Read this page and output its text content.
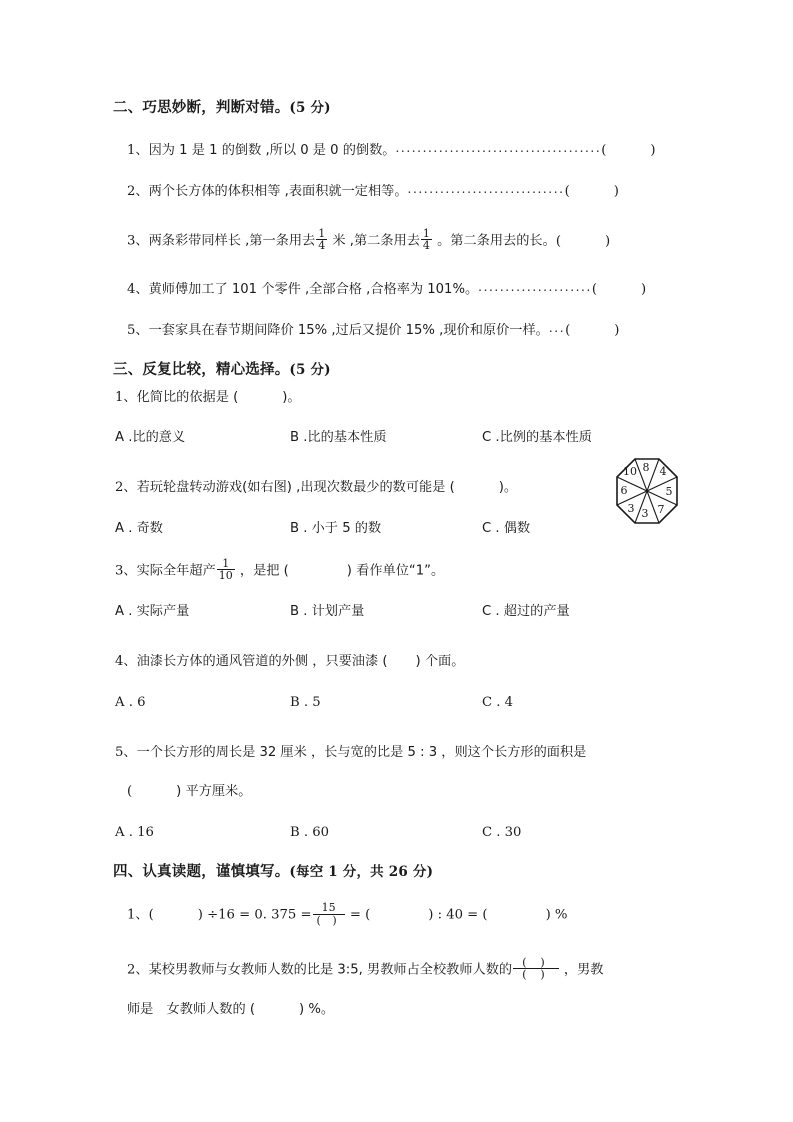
二、巧思妙断，判断对错。(5 分)
1、因为 1 是 1 的倒数 ,所以 0 是 0 的倒数。......................................(	)
2、两个长方体的体积相等 ,表面积就一定相等。.............................(	)
3、两条彩带同样长 ,第一条用去 $\frac{1}{4}$ 米 ,第二条用去 $\frac{1}{4}$ 。第二条用去的长。(	)
4、黄师傅加工了 101 个零件 ,全部合格 ,合格率为 101%。.....................(	)
5、一套家具在春节期间降价 15% ,过后又提价 15% ,现价和原价一样。...(	)
三、反复比较，精心选择。(5 分)
1、化简比的依据是 (	)。
A .比的意义	B .比的基本性质	C .比例的基本性质
2、若玩轮盘转动游戏(如右图) ,出现次数最少的数可能是 (	)。
A . 奇数	B . 小于 5 的数	C . 偶数
3、实际全年超产 $\frac{1}{10}$ ，是把 (	) 看作单位“1”。
A . 实际产量	B . 计划产量	C . 超过的产量
4、油漆长方体的通风管道的外侧 ，只要油漆 ( ) 个面。
A . 6	B . 5	C . 4
5、一个长方形的周长是 32 厘米 ，长与宽的比是 5 : 3 ，则这个长方形的面积是
(	) 平方厘米。
A . 16	B . 60	C . 30
四、认真读题，谨慎填写。(每空 1 分，共 26 分)
1、(	) ÷16 = 0. $375 = \frac{15}{( )}$ = (	) : 40 = (	) %
2、某校男教师与女教师人数的比是 3:5, 男教师占全校教师人数的 $\frac{( )}{( )}$ ，男教
师是　女教师人数的 (	) %。
8 4
5
7
3
3
6
10
